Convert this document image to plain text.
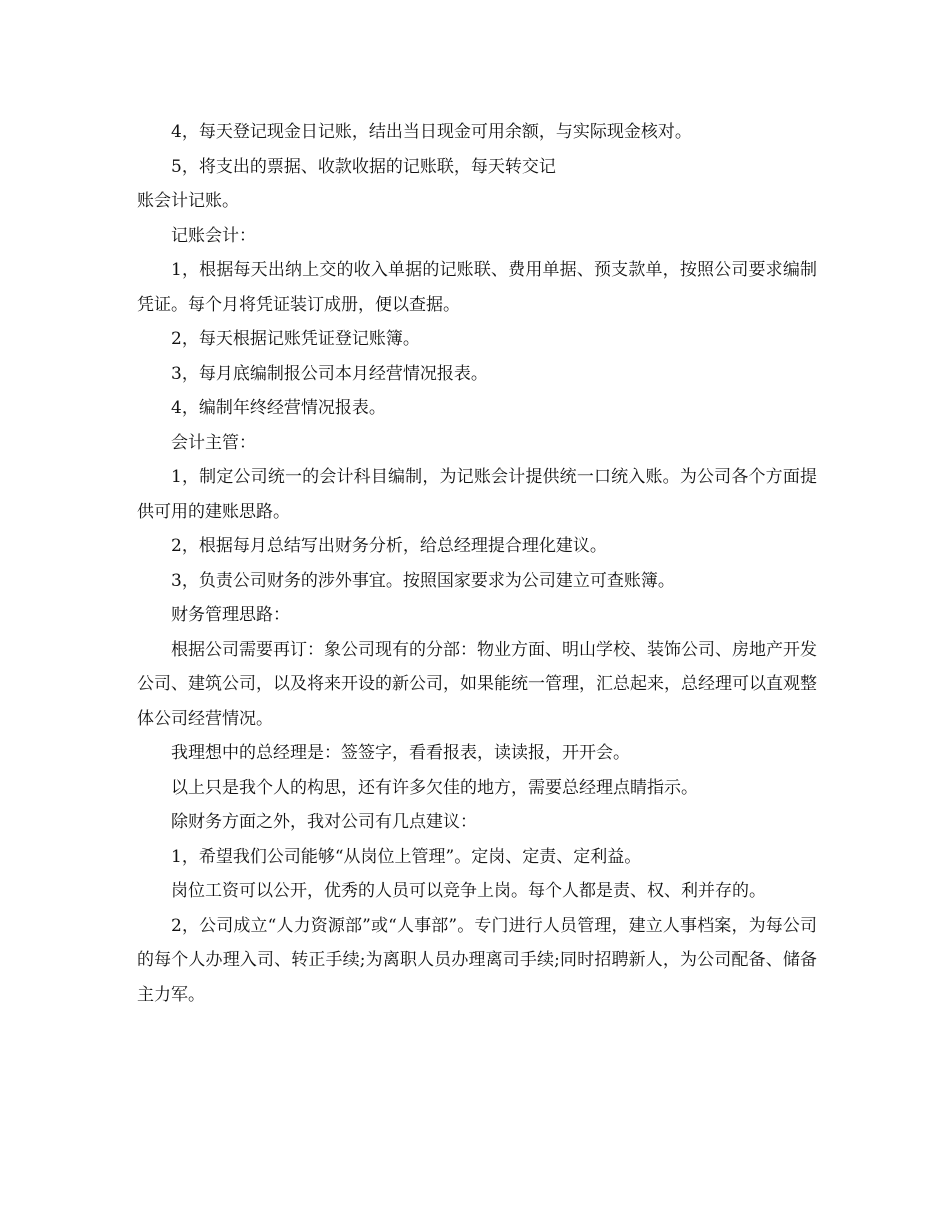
4，每天登记现金日记账，结出当日现金可用余额，与实际现金核对。

5，将支出的票据、收款收据的记账联，每天转交记

账会计记账。

记账会计：

1，根据每天出纳上交的收入单据的记账联、费用单据、预支款单，按照公司要求编制凭证。每个月将凭证装订成册，便以查据。

2，每天根据记账凭证登记账簿。

3，每月底编制报公司本月经营情况报表。

4，编制年终经营情况报表。

会计主管：

1，制定公司统一的会计科目编制，为记账会计提供统一口统入账。为公司各个方面提供可用的建账思路。

2，根据每月总结写出财务分析，给总经理提合理化建议。

3，负责公司财务的涉外事宜。按照国家要求为公司建立可查账簿。

财务管理思路：

根据公司需要再订：象公司现有的分部：物业方面、明山学校、装饰公司、房地产开发公司、建筑公司，以及将来开设的新公司，如果能统一管理，汇总起来，总经理可以直观整体公司经营情况。

我理想中的总经理是：签签字，看看报表，读读报，开开会。

以上只是我个人的构思，还有许多欠佳的地方，需要总经理点睛指示。

除财务方面之外，我对公司有几点建议：

1，希望我们公司能够“从岗位上管理”。定岗、定责、定利益。

岗位工资可以公开，优秀的人员可以竞争上岗。每个人都是责、权、利并存的。

2，公司成立“人力资源部”或“人事部”。专门进行人员管理，建立人事档案，为每公司的每个人办理入司、转正手续;为离职人员办理离司手续;同时招聘新人，为公司配备、储备主力军。
